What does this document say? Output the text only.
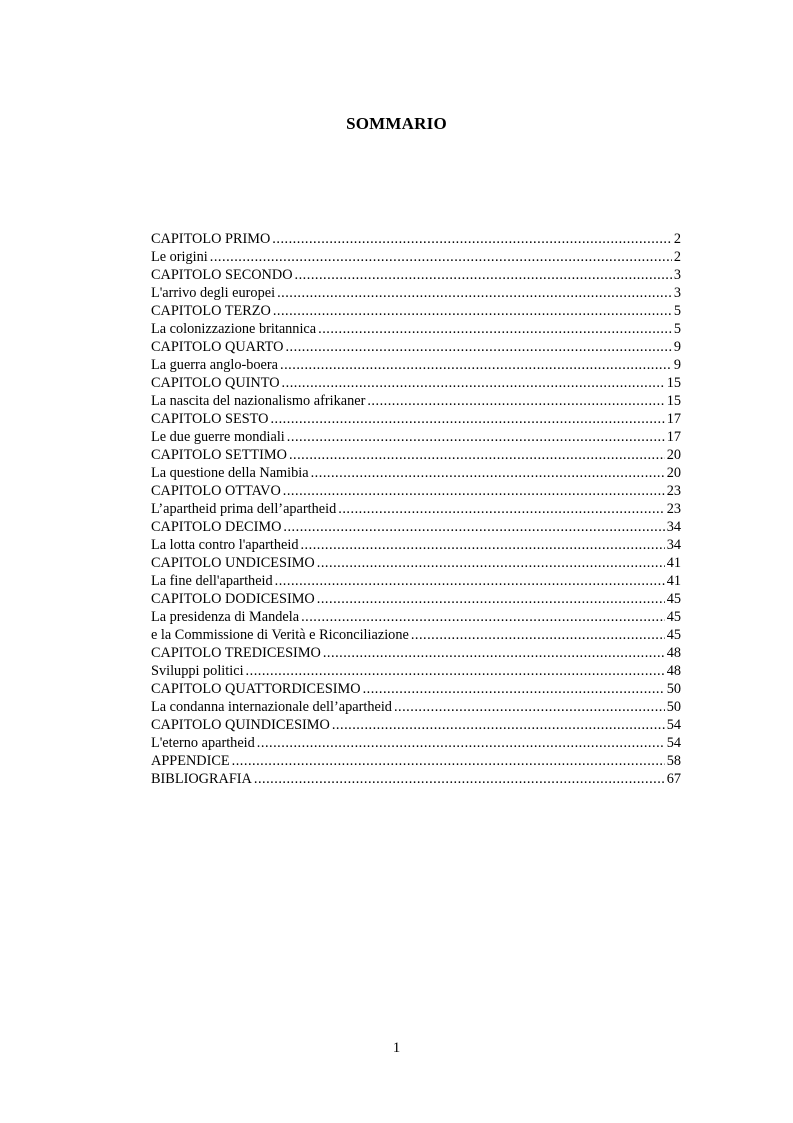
SOMMARIO
CAPITOLO PRIMO .....	2
Le origini .....	2
CAPITOLO SECONDO .....	3
L'arrivo degli europei .....	3
CAPITOLO TERZO .....	5
La colonizzazione britannica .....	5
CAPITOLO QUARTO .....	9
La guerra anglo-boera .....	9
CAPITOLO QUINTO .....	15
La nascita del nazionalismo afrikaner .....	15
CAPITOLO SESTO .....	17
Le due guerre mondiali .....	17
CAPITOLO SETTIMO .....	20
La questione della Namibia .....	20
CAPITOLO OTTAVO .....	23
L’apartheid prima dell’apartheid .....	23
CAPITOLO DECIMO .....	34
La lotta contro l'apartheid .....	34
CAPITOLO UNDICESIMO .....	41
La fine dell'apartheid .....	41
CAPITOLO DODICESIMO .....	45
La presidenza di Mandela .....	45
e la Commissione di Verità e Riconciliazione .....	45
CAPITOLO TREDICESIMO .....	48
Sviluppi politici .....	48
CAPITOLO QUATTORDICESIMO .....	50
La condanna internazionale dell’apartheid .....	50
CAPITOLO QUINDICESIMO .....	54
L'eterno apartheid .....	54
APPENDICE .....	58
BIBLIOGRAFIA .....	67
1
